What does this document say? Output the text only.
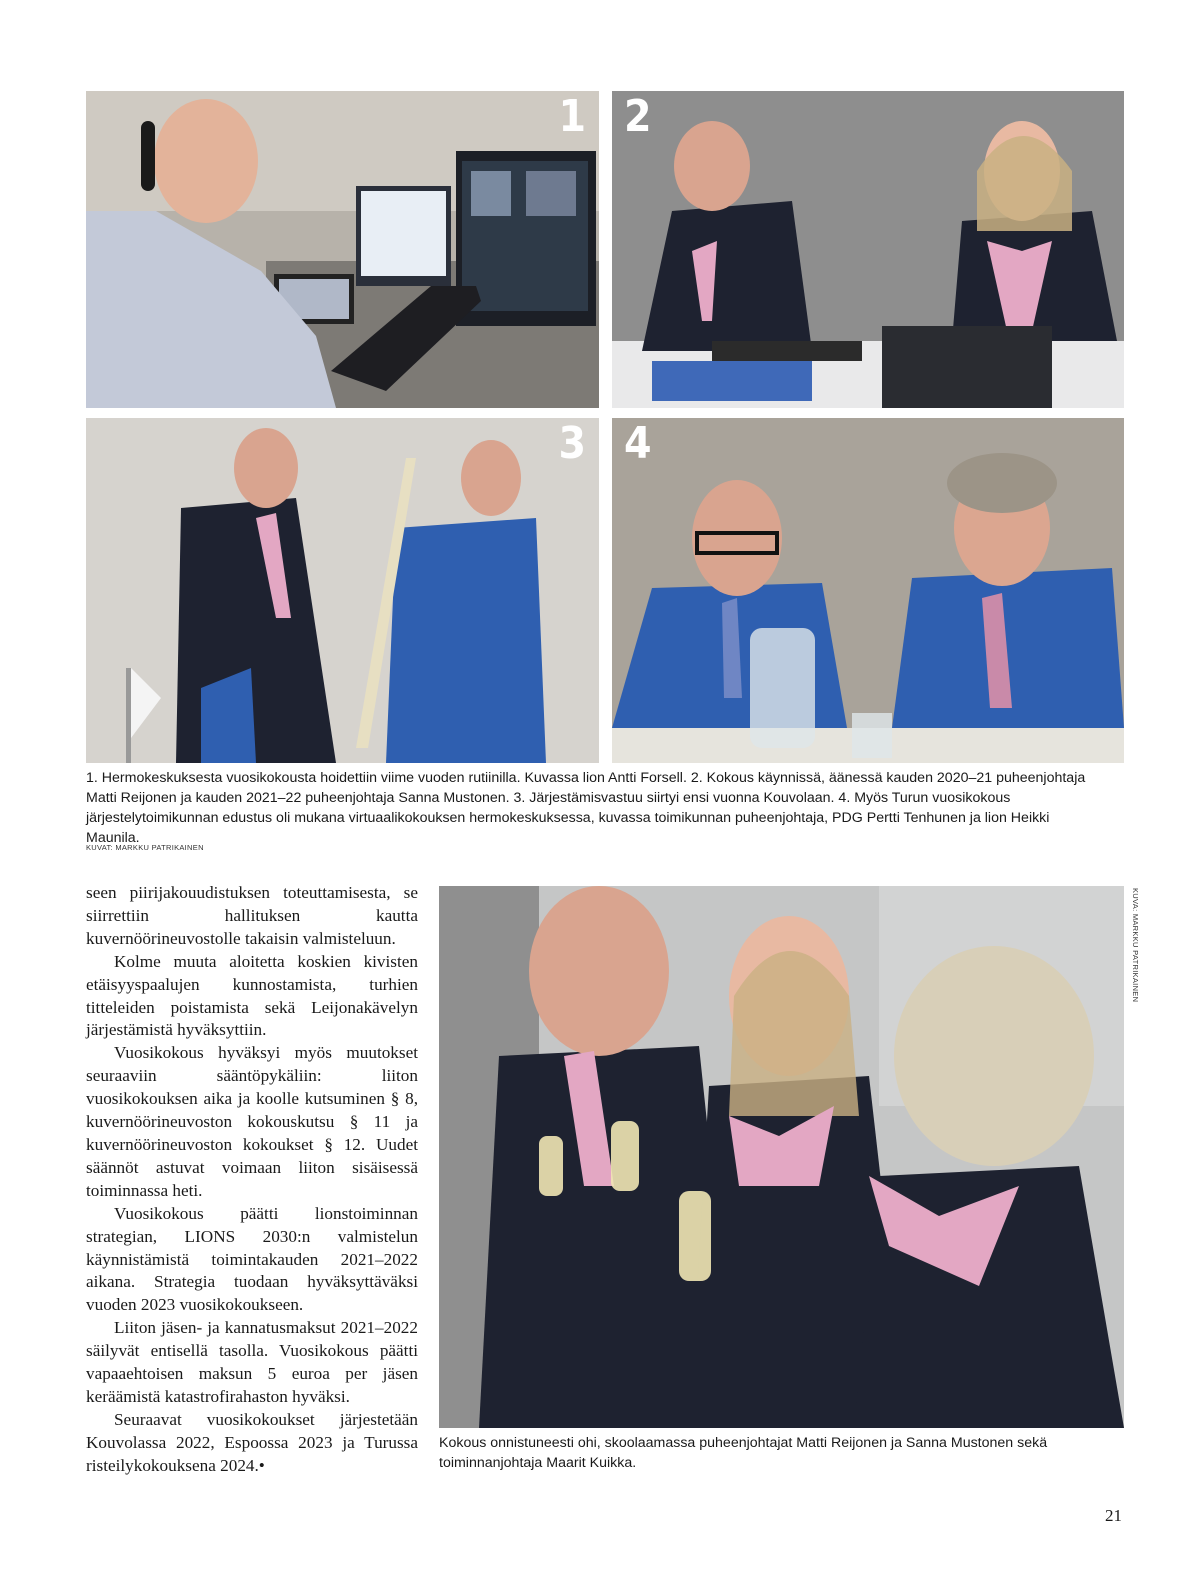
1 2
3 4
1. Hermokeskuksesta vuosikokousta hoidettiin viime vuoden rutiinilla. Kuvassa lion Antti Forsell. 2. Kokous käynnissä, äänessä kauden 2020–21 puheenjohtaja Matti Reijonen ja kauden 2021–22 puheenjohtaja Sanna Mustonen. 3. Järjestämisvastuu siirtyi ensi vuonna Kouvolaan. 4. Myös Turun vuosikokous järjestelytoimikunnan edustus oli mukana virtuaalikokouksen hermokeskuksessa, kuvassa toimikunnan puheenjohtaja, PDG Pertti Tenhunen ja lion Heikki Maunila.
KUVAT: MARKKU PATRIKAINEN

seen piirijakouudistuksen toteuttamisesta, se siirrettiin hallituksen kautta kuvernöörineuvostolle takaisin valmisteluun.

Kolme muuta aloitetta koskien kivisten etäisyyspaalujen kunnostamista, turhien titteleiden poistamista sekä Leijonakävelyn järjestämistä hyväksyttiin.

Vuosikokous hyväksyi myös muutokset seuraaviin sääntöpykäliin: liiton vuosikokouksen aika ja koolle kutsuminen § 8, kuvernöörineuvoston kokouskutsu § 11 ja kuvernöörineuvoston kokoukset § 12. Uudet säännöt astuvat voimaan liiton sisäisessä toiminnassa heti.

Vuosikokous päätti lionstoiminnan strategian, LIONS 2030:n valmistelun käynnistämistä toimintakauden 2021–2022 aikana. Strategia tuodaan hyväksyttäväksi vuoden 2023 vuosikokoukseen.

Liiton jäsen- ja kannatusmaksut 2021–2022 säilyvät entisellä tasolla. Vuosikokous päätti vapaaehtoisen maksun 5 euroa per jäsen keräämistä katastrofirahaston hyväksi.

Seuraavat vuosikokoukset järjestetään Kouvolassa 2022, Espoossa 2023 ja Turussa risteilykokouksena 2024.•

KUVA: MARKKU PATRIKAINEN
Kokous onnistuneesti ohi, skoolaamassa puheenjohtajat Matti Reijonen ja Sanna Mustonen sekä toiminnanjohtaja Maarit Kuikka.
21
